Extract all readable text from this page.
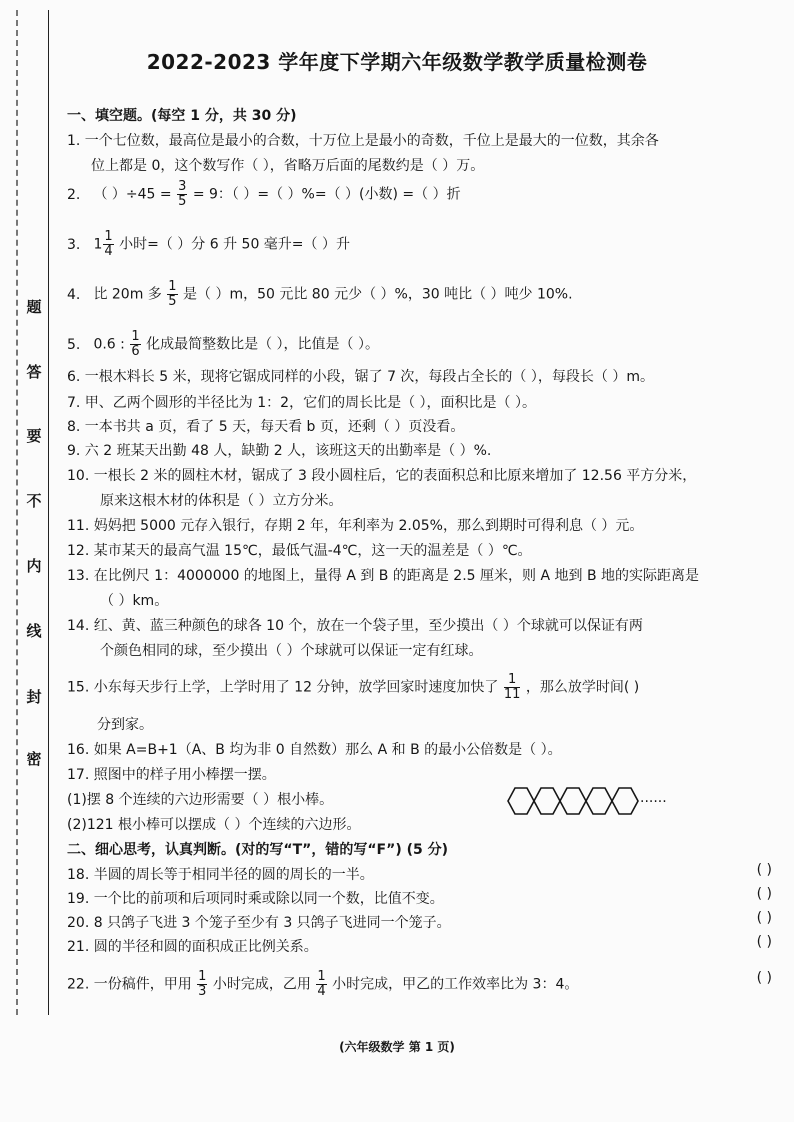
题
答
要
不
内
线
封
密
2022-2023 学年度下学期六年级数学教学质量检测卷
一、填空题。(每空 1 分，共 30 分)
1. 一个七位数，最高位是最小的合数，十万位上是最小的奇数，千位上是最大的一位数，其余各
位上都是 0，这个数写作（ ），省略万后面的尾数约是（ ）万。
2. （ ）$\div 45 = \frac{3}{5} = 9$：（ ）=（ ）%=（ ）(小数) =（ ）折
3. $1 \frac{1}{4}$ 小时=（ ）分 6 升 50 毫升=（ ）升
4. 比 20m 多 $\frac{1}{5}$ 是（ ）m，50 元比 80 元少（ ）%，30 吨比（ ）吨少 10%.
5. 0.6 : $\frac{1}{6}$ 化成最简整数比是（ ），比值是（ ）。
6. 一根木料长 5 米，现将它锯成同样的小段，锯了 7 次，每段占全长的（ ），每段长（ ）m。
7. 甲、乙两个圆形的半径比为 1：2，它们的周长比是（ ），面积比是（ ）。
8. 一本书共 a 页，看了 5 天，每天看 b 页，还剩（ ）页没看。
9. 六 2 班某天出勤 48 人，缺勤 2 人，该班这天的出勤率是（ ）%.
10. 一根长 2 米的圆柱木材，锯成了 3 段小圆柱后，它的表面积总和比原来增加了 12.56 平方分米，
原来这根木材的体积是（ ）立方分米。
11. 妈妈把 5000 元存入银行，存期 2 年，年利率为 2.05%，那么到期时可得利息（ ）元。
12. 某市某天的最高气温 15℃，最低气温-4℃，这一天的温差是（ ）℃。
13. 在比例尺 1：4000000 的地图上，量得 A 到 B 的距离是 2.5 厘米，则 A 地到 B 地的实际距离是
（ ）km。
14. 红、黄、蓝三种颜色的球各 10 个，放在一个袋子里，至少摸出（ ）个球就可以保证有两
个颜色相同的球，至少摸出（ ）个球就可以保证一定有红球。
15. 小东每天步行上学，上学时用了 12 分钟，放学回家时速度加快了 $\frac{1}{11}$ ，那么放学时间( )
分到家。
16. 如果 A=B+1（A、B 均为非 0 自然数）那么 A 和 B 的最小公倍数是（ ）。
17. 照图中的样子用小棒摆一摆。
(1)摆 8 个连续的六边形需要（ ）根小棒。
(2)121 根小棒可以摆成（ ）个连续的六边形。
······
二、细心思考，认真判断。(对的写“T”，错的写“F”) (5 分)
18. 半圆的周长等于相同半径的圆的周长的一半。	( )
19. 一个比的前项和后项同时乘或除以同一个数，比值不变。	( )
20. 8 只鸽子飞进 3 个笼子至少有 3 只鸽子飞进同一个笼子。	( )
21. 圆的半径和圆的面积成正比例关系。	( )
22. 一份稿件，甲用 $\frac{1}{3}$ 小时完成，乙用 $\frac{1}{4}$ 小时完成，甲乙的工作效率比为 3：4。	( )
(六年级数学 第 1 页)
